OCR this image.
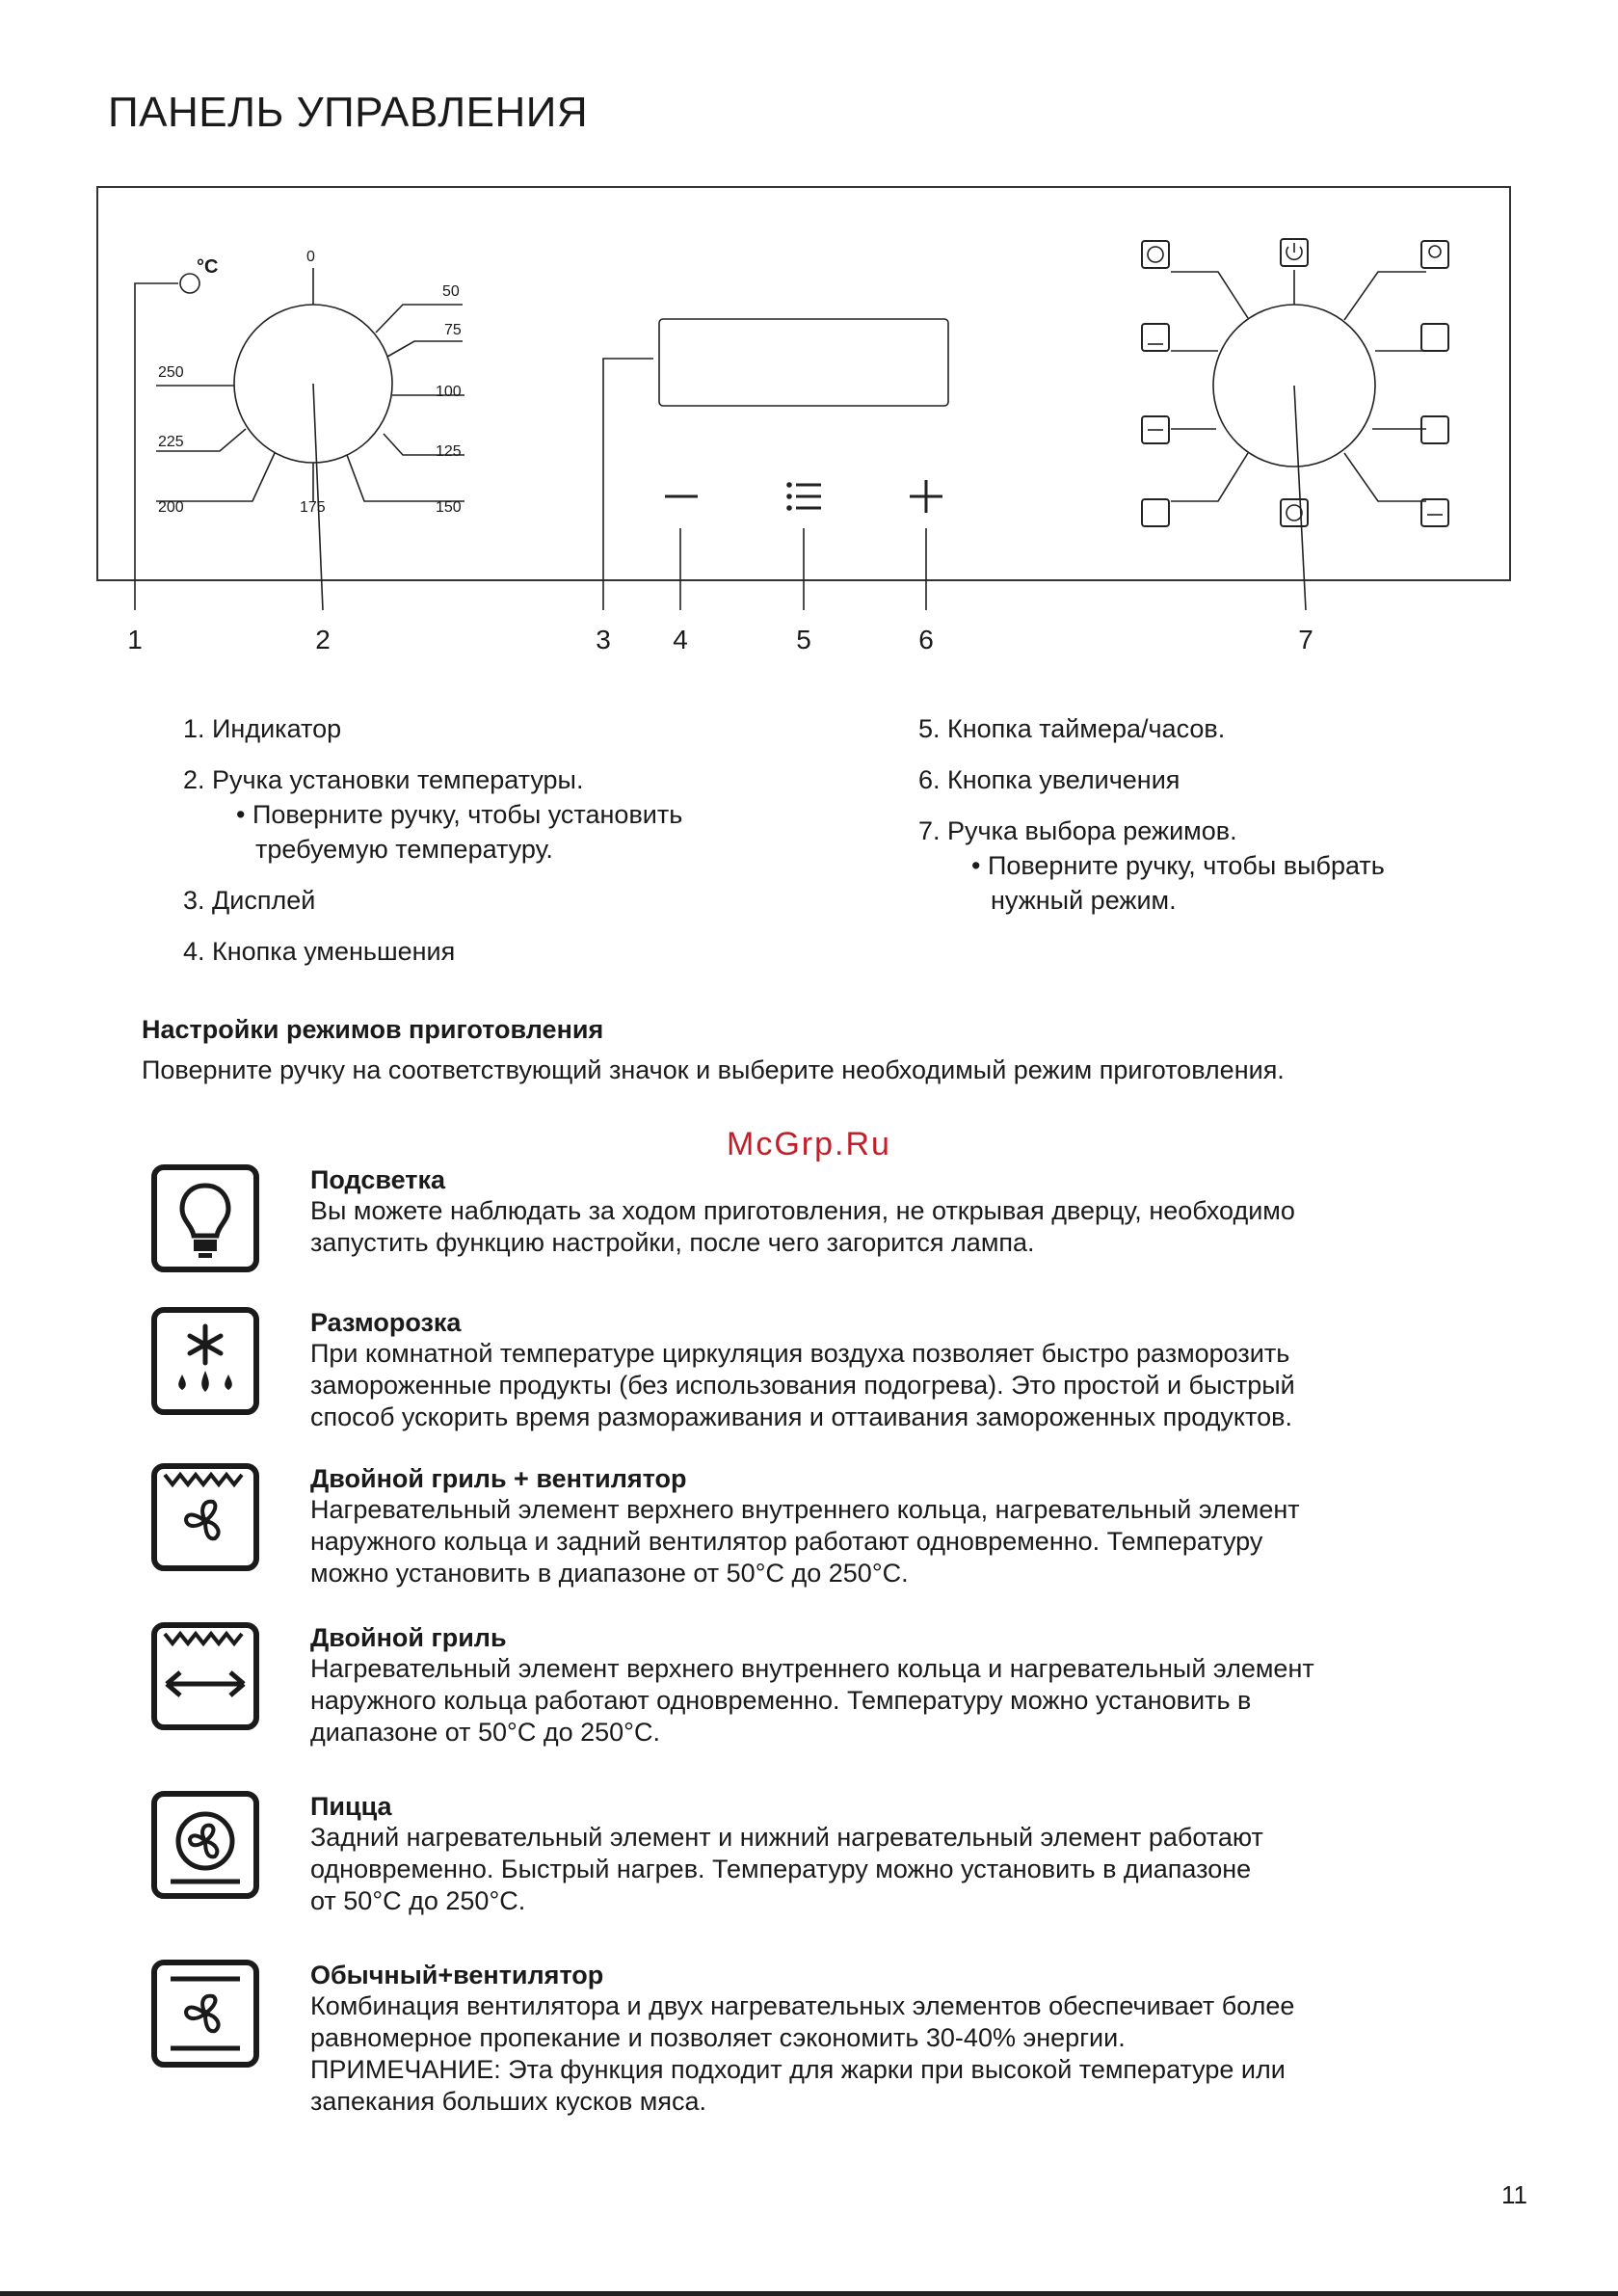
ПАНЕЛЬ УПРАВЛЕНИЯ
°C	0
50
75
100
125
150
175
200
225
250
1	2	3	4	5	6	7
1. Индикатор
2. Ручка установки температуры.
• Поверните ручку, чтобы установить
требуемую температуру.
3. Дисплей
4. Кнопка уменьшения
5. Кнопка таймера/часов.
6. Кнопка увеличения
7. Ручка выбора режимов.
• Поверните ручку, чтобы выбрать
нужный режим.
Настройки режимов приготовления
Поверните ручку на соответствующий значок и выберите необходимый режим приготовления.
McGrp.Ru
Подсветка
Вы можете наблюдать за ходом приготовления, не открывая дверцу, необходимо
запустить функцию настройки, после чего загорится лампа.
Разморозка
При комнатной температуре циркуляция воздуха позволяет быстро разморозить
замороженные продукты (без использования подогрева). Это простой и быстрый
способ ускорить время размораживания и оттаивания замороженных продуктов.
Двойной гриль + вентилятор
Нагревательный элемент верхнего внутреннего кольца, нагревательный элемент
наружного кольца и задний вентилятор работают одновременно. Температуру
можно установить в диапазоне от 50°С до 250°С.
Двойной гриль
Нагревательный элемент верхнего внутреннего кольца и нагревательный элемент
наружного кольца работают одновременно. Температуру можно установить в
диапазоне от 50°С до 250°С.
Пицца
Задний нагревательный элемент и нижний нагревательный элемент работают
одновременно. Быстрый нагрев. Температуру можно установить в диапазоне
от 50°С до 250°С.
Обычный+вентилятор
Комбинация вентилятора и двух нагревательных элементов обеспечивает более
равномерное пропекание и позволяет сэкономить 30-40% энергии.
ПРИМЕЧАНИЕ: Эта функция подходит для жарки при высокой температуре или
запекания больших кусков мяса.
11
